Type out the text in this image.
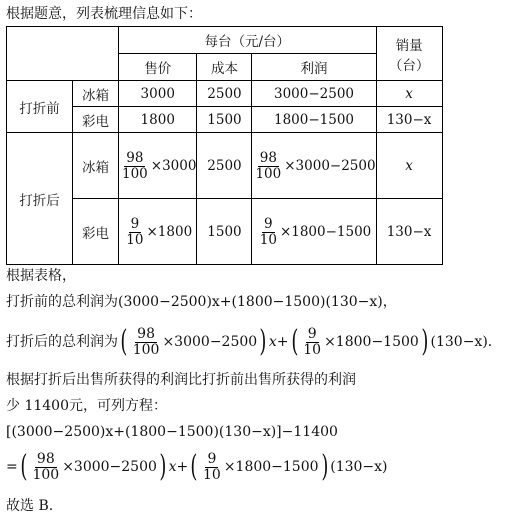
根据题意，列表梳理信息如下：
		每台（元/台）			销量
（台）

		售价	成本	利润	
打折前	冰箱	3000	2500	3000−2500	x
	彩电	1800	1500	1800−1500	130−x
打折后	冰箱	$\frac{98}{100} \times 3000$	2500	$\frac{98}{100} \times 3000-2500$	x
	彩电	$\frac{9}{10} \times 1800$	1500	$\frac{9}{10} \times 1800-1500$	130−x
根据表格，
打折前的总利润为(3000−2500)x+(1800−1500)(130−x)，
打折后的总利润为 ( $\frac{98}{100} \times 3000-2500$ ) x+ ( $\frac{9}{10} \times 1800-1500$ ) (130−x)．
根据打折后出售所获得的利润比打折前出售所获得的利润
少 11400元，可列方程：
[(3000−2500)x+(1800−1500)(130−x)]−11400
= ( $\frac{98}{100} \times 3000-2500$ ) x+ ( $\frac{9}{10} \times 1800-1500$ ) (130−x)
故选 B.
